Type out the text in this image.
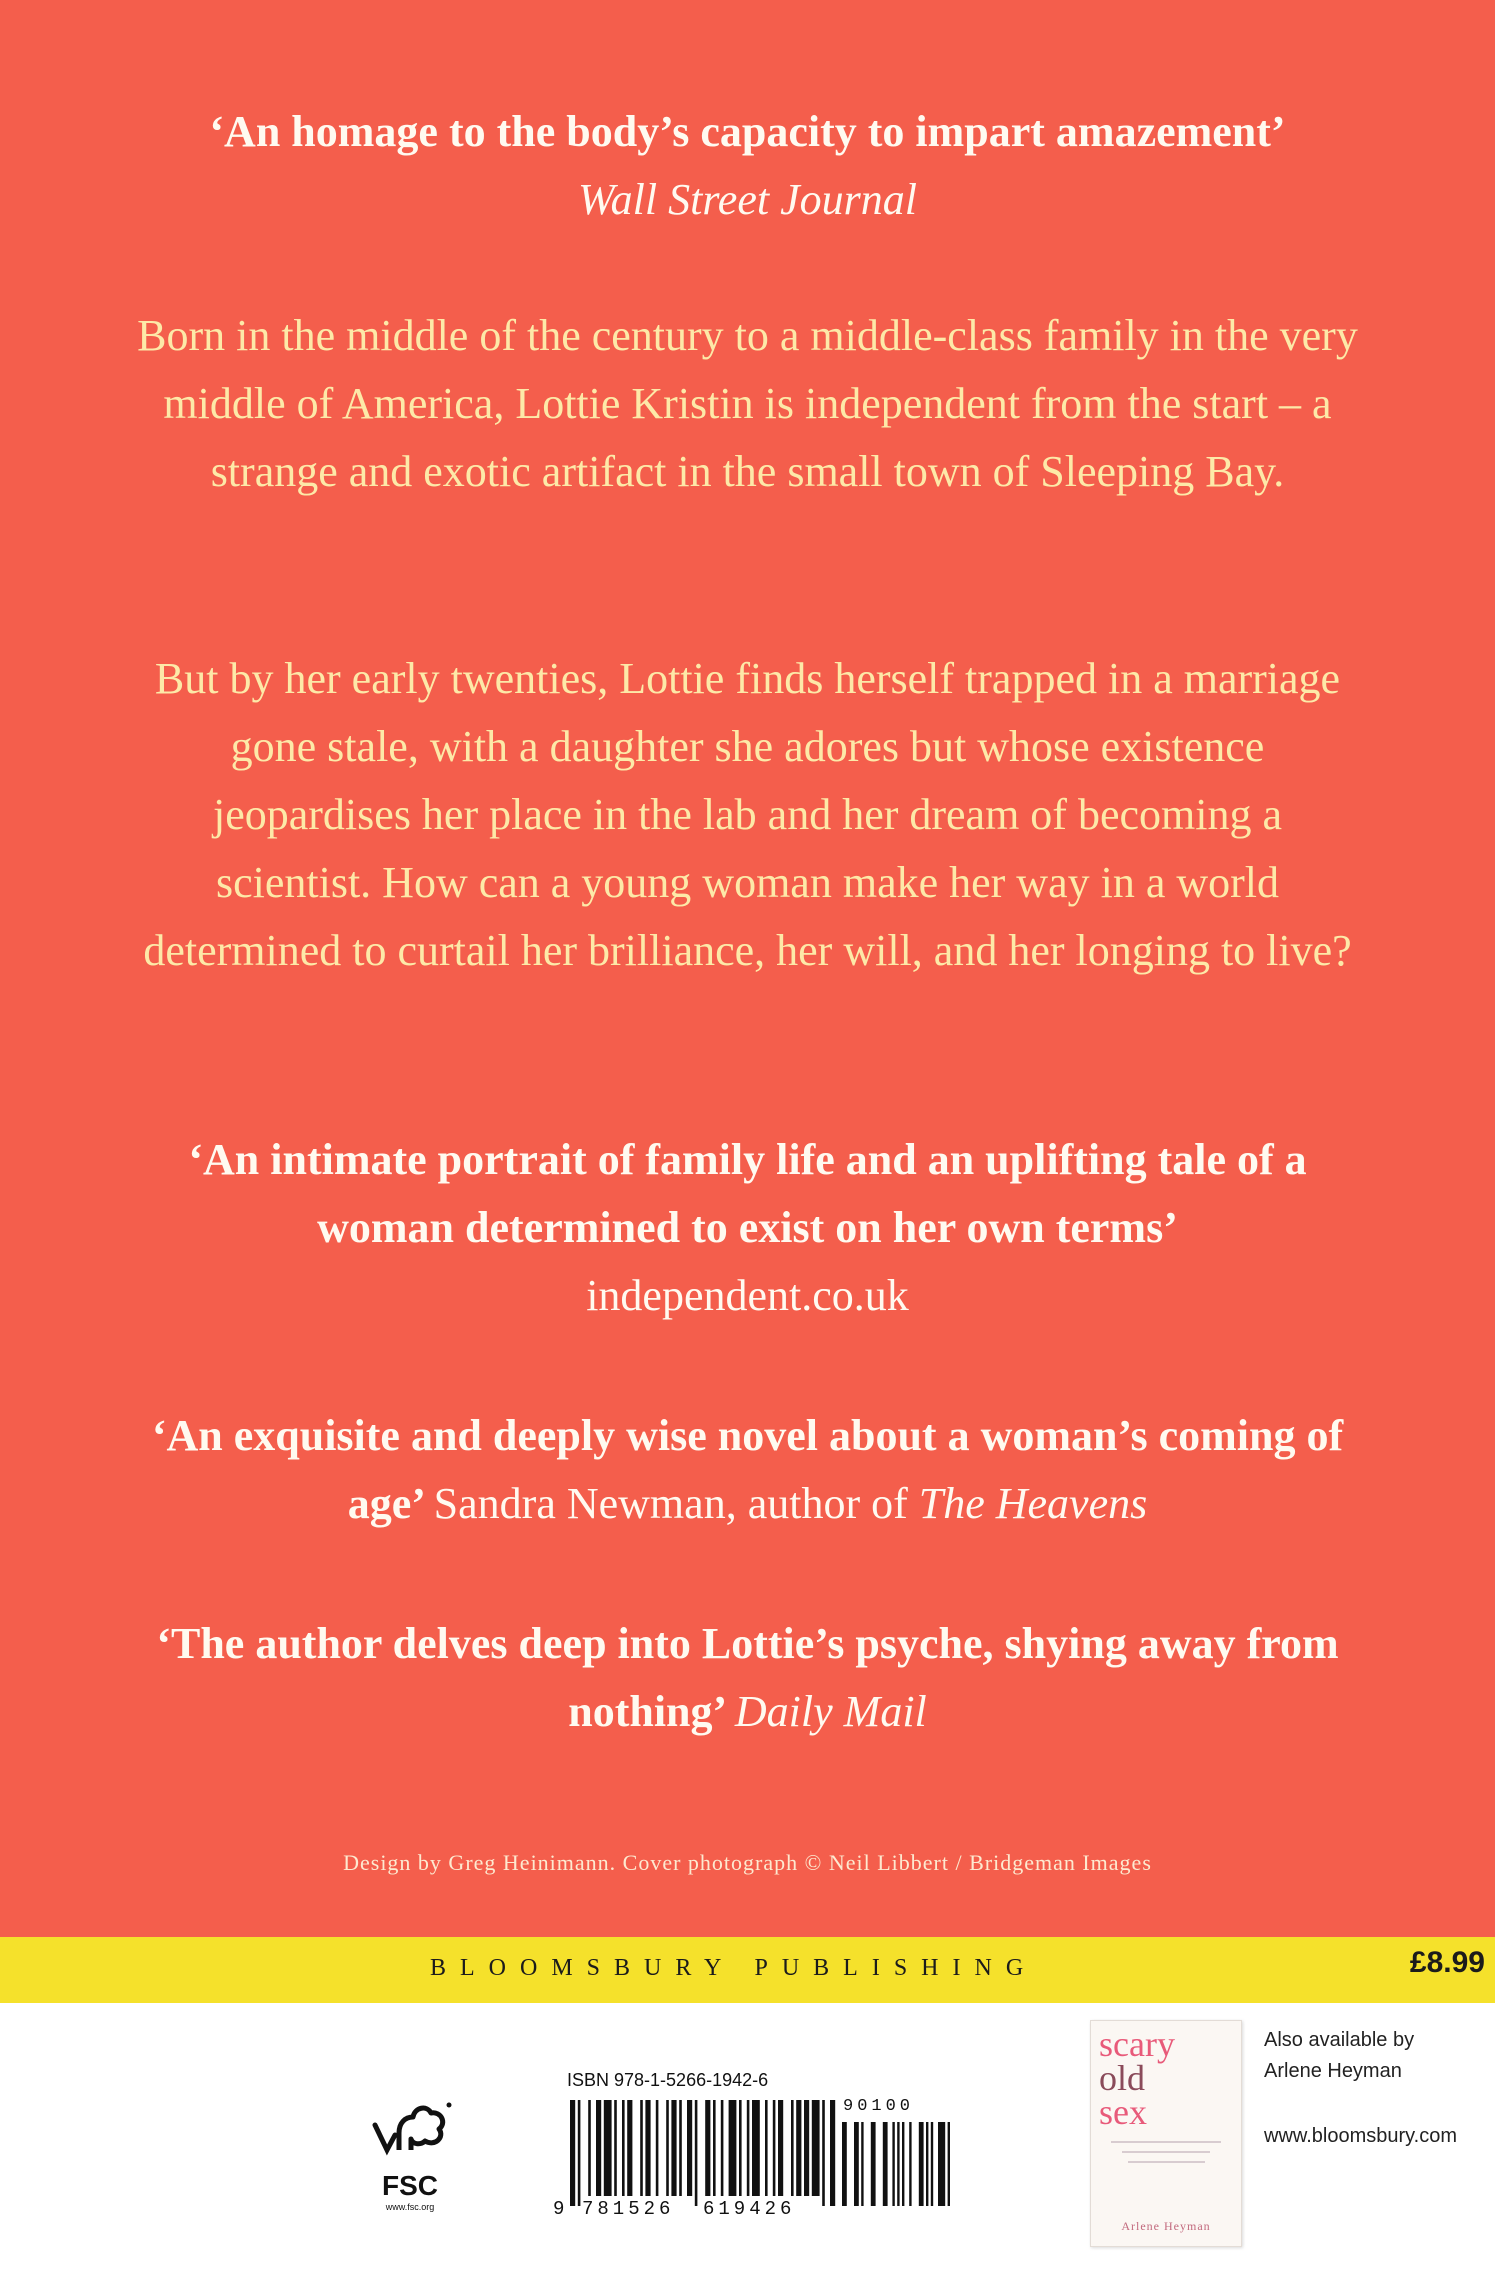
‘An homage to the body’s capacity to impart amazement’
Wall Street Journal

Born in the middle of the century to a middle-class family in the very middle of America, Lottie Kristin is independent from the start – a strange and exotic artifact in the small town of Sleeping Bay.

But by her early twenties, Lottie finds herself trapped in a marriage gone stale, with a daughter she adores but whose existence jeopardises her place in the lab and her dream of becoming a scientist. How can a young woman make her way in a world determined to curtail her brilliance, her will, and her longing to live?

‘An intimate portrait of family life and an uplifting tale of a woman determined to exist on her own terms’
independent.co.uk
‘An exquisite and deeply wise novel about a woman’s coming of age’ Sandra Newman, author of The Heavens
‘The author delves deep into Lottie’s psyche, shying away from nothing’ Daily Mail
Design by Greg Heinimann. Cover photograph © Neil Libbert / Bridgeman Images
BLOOMSBURY PUBLISHING	£8.99
FSC
www.fsc.org
ISBN 978-1-5266-1942-6
9 781526 619426
90100
scary
old
sex
Arlene Heyman
Also available by
Arlene Heyman
www.bloomsbury.com
